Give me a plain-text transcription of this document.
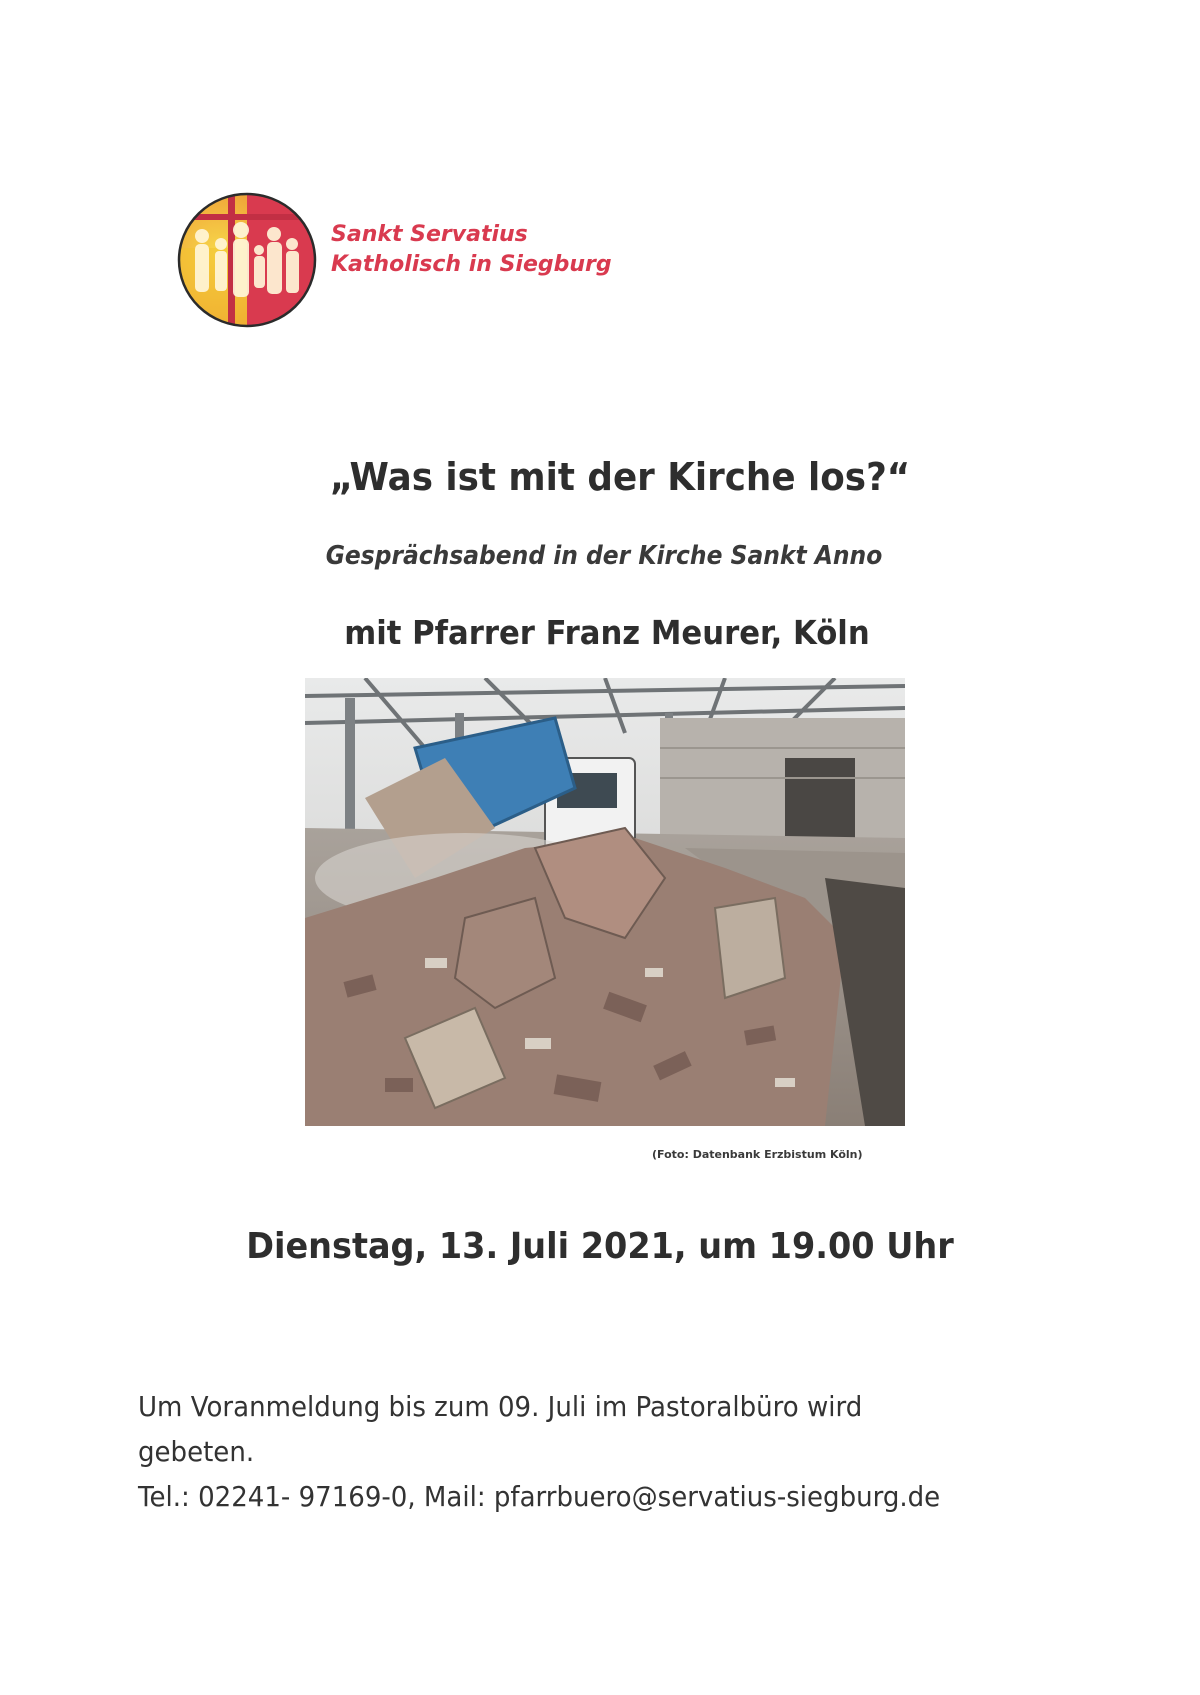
Sankt Servatius
Katholisch in Siegburg
„Was ist mit der Kirche los?“
Gesprächsabend in der Kirche Sankt Anno
mit Pfarrer Franz Meurer, Köln
(Foto: Datenbank Erzbistum Köln)
Dienstag, 13. Juli 2021, um 19.00 Uhr
Um Voranmeldung bis zum 09. Juli im Pastoralbüro wird
gebeten.
Tel.: 02241- 97169-0, Mail: pfarrbuero@servatius-siegburg.de
